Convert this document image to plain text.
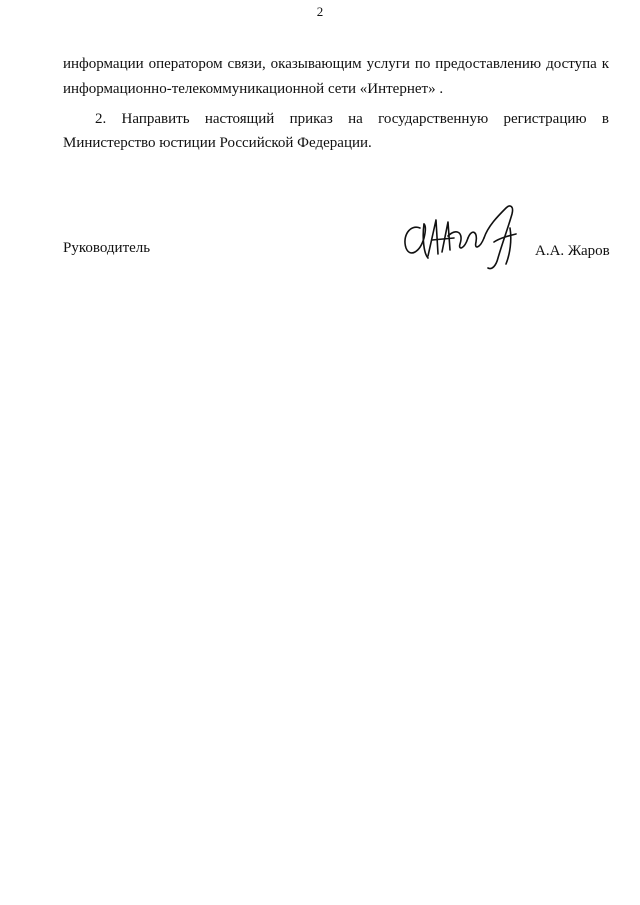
2
информации оператором связи, оказывающим услуги по предоставлению доступа к
информационно-телекоммуникационной сети «Интернет» .
2. Направить настоящий приказ на государственную регистрацию в
Министерство юстиции Российской Федерации.
Руководитель	А.А. Жаров
